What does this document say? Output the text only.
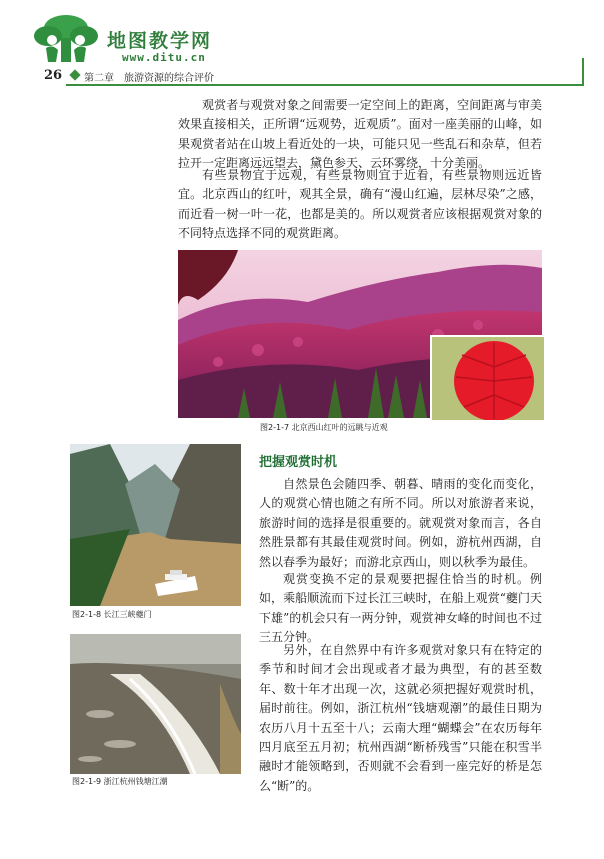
地图教学网
www.ditu.cn
26 第二章　旅游资源的综合评价

观赏者与观赏对象之间需要一定空间上的距离，空间距离与审美效果直接相关，正所谓“远观势，近观质”。面对一座美丽的山峰，如果观赏者站在山坡上看近处的一块，可能只见一些乱石和杂草，但若拉开一定距离远远望去，黛色参天、云环雾绕，十分美丽。

有些景物宜于远观，有些景物则宜于近看，有些景物则远近皆宜。北京西山的红叶，观其全景，确有“漫山红遍，层林尽染”之感，而近看一树一叶一花，也都是美的。所以观赏者应该根据观赏对象的不同特点选择不同的观赏距离。

图2-1-7 北京西山红叶的远眺与近观
图2-1-8 长江三峡夔门
图2-1-9 浙江杭州钱塘江潮
把握观赏时机

自然景色会随四季、朝暮、晴雨的变化而变化，人的观赏心情也随之有所不同。所以对旅游者来说，旅游时间的选择是很重要的。就观赏对象而言，各自然胜景都有其最佳观赏时间。例如，游杭州西湖，自然以春季为最好；而游北京西山，则以秋季为最佳。

观赏变换不定的景观要把握住恰当的时机。例如，乘船顺流而下过长江三峡时，在船上观赏“夔门天下雄”的机会只有一两分钟，观赏神女峰的时间也不过三五分钟。

另外，在自然界中有许多观赏对象只有在特定的季节和时间才会出现或者才最为典型，有的甚至数年、数十年才出现一次，这就必须把握好观赏时机，届时前往。例如，浙江杭州“钱塘观潮”的最佳日期为农历八月十五至十八；云南大理“蝴蝶会”在农历每年四月底至五月初；杭州西湖“断桥残雪”只能在积雪半融时才能领略到，否则就不会看到一座完好的桥是怎么“断”的。
